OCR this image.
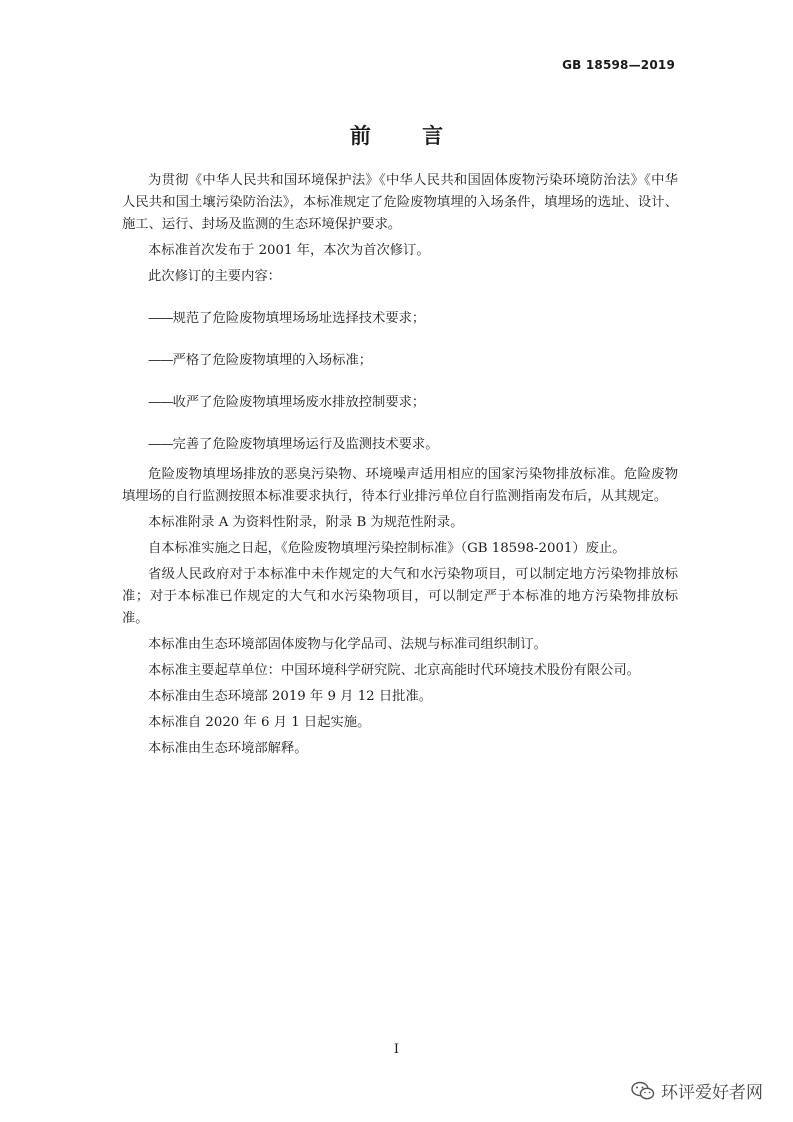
GB 18598—2019
前 言

为贯彻《中华人民共和国环境保护法》《中华人民共和国固体废物污染环境防治法》《中华人民共和国土壤污染防治法》，本标准规定了危险废物填埋的入场条件，填埋场的选址、设计、施工、运行、封场及监测的生态环境保护要求。

本标准首次发布于 2001 年，本次为首次修订。

此次修订的主要内容：

——规范了危险废物填埋场场址选择技术要求；

——严格了危险废物填埋的入场标准；

——收严了危险废物填埋场废水排放控制要求；

——完善了危险废物填埋场运行及监测技术要求。

危险废物填埋场排放的恶臭污染物、环境噪声适用相应的国家污染物排放标准。危险废物填埋场的自行监测按照本标准要求执行，待本行业排污单位自行监测指南发布后，从其规定。

本标准附录 A 为资料性附录，附录 B 为规范性附录。

自本标准实施之日起，《危险废物填埋污染控制标准》（GB 18598-2001）废止。

省级人民政府对于本标准中未作规定的大气和水污染物项目，可以制定地方污染物排放标准；对于本标准已作规定的大气和水污染物项目，可以制定严于本标准的地方污染物排放标准。

本标准由生态环境部固体废物与化学品司、法规与标准司组织制订。

本标准主要起草单位：中国环境科学研究院、北京高能时代环境技术股份有限公司。

本标准由生态环境部 2019 年 9 月 12 日批准。

本标准自 2020 年 6 月 1 日起实施。

本标准由生态环境部解释。

I
环评爱好者网
